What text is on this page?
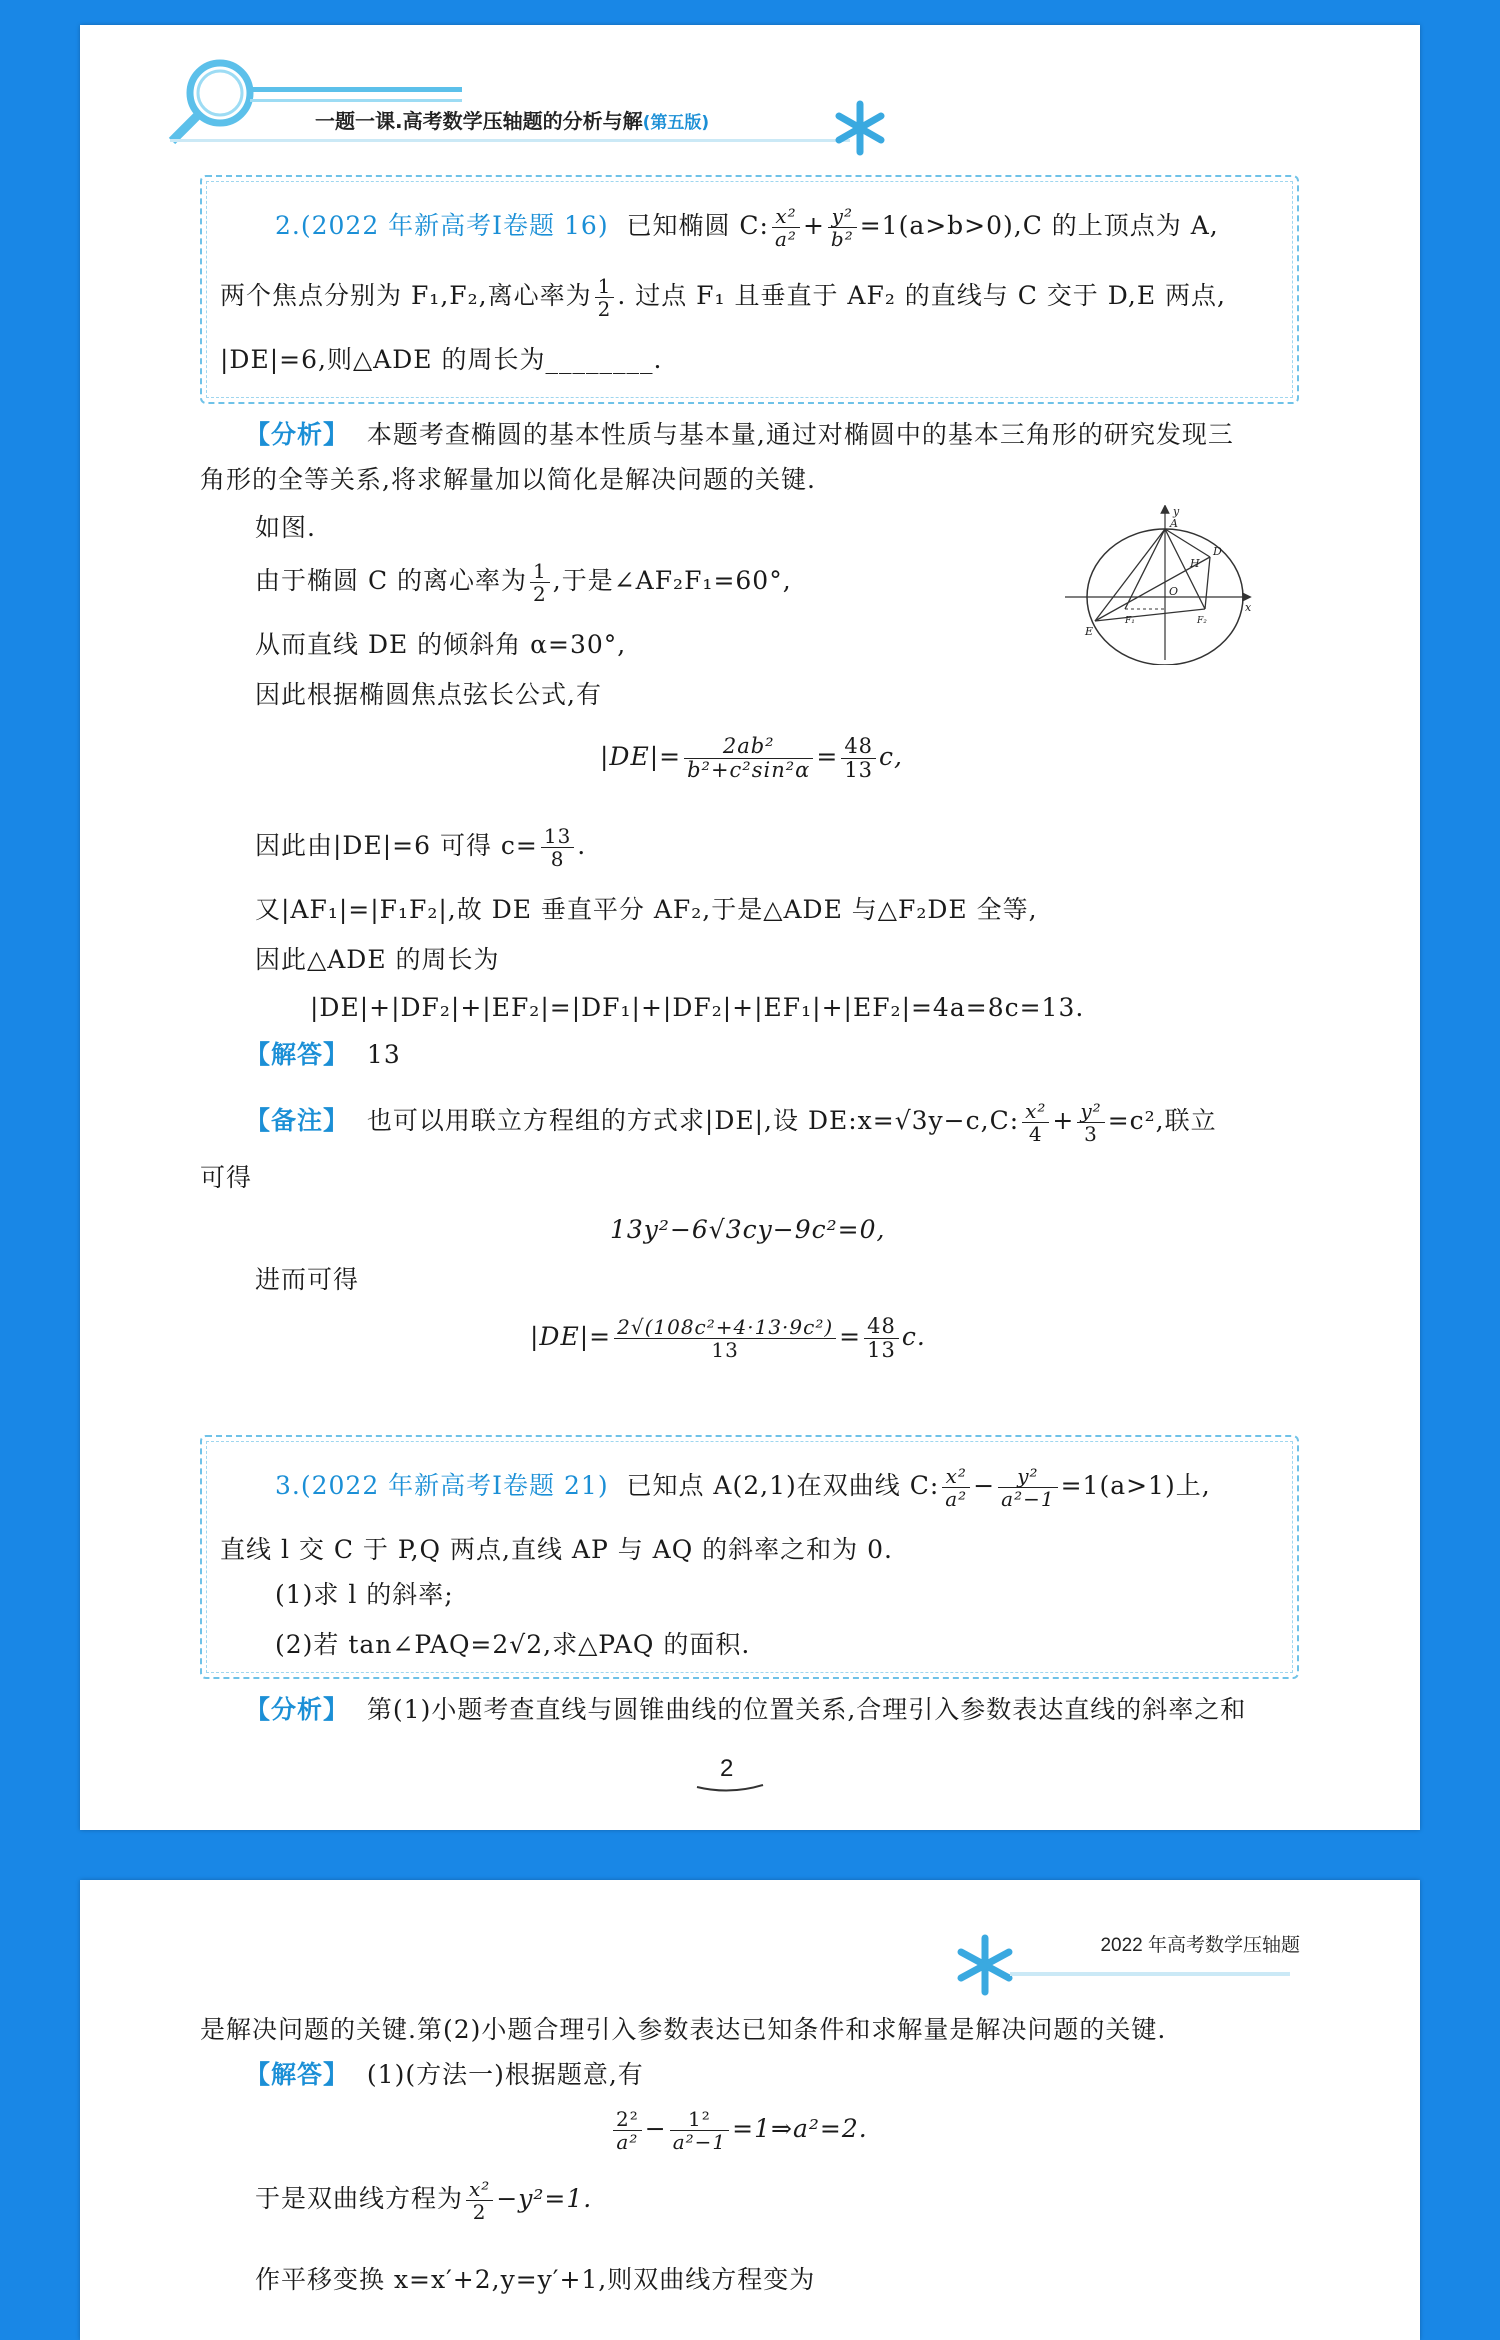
一题一课.高考数学压轴题的分析与解(第五版)
2.(2022 年新高考Ⅰ卷题 16) 已知椭圆 C: $\frac{\text{x²}}{\text{a²}} + \frac{\text{y²}}{\text{b²}} =1(a>b>0),C$ 的上顶点为 A,
两个焦点分别为 F₁,F₂,离心率为 $\frac{1}{2}$ . 过点 F₁ 且垂直于 AF₂ 的直线与 C 交于 D,E 两点,
|DE|=6,则△ADE 的周长为________.
【分析】 本题考查椭圆的基本性质与基本量,通过对椭圆中的基本三角形的研究发现三
角形的全等关系,将求解量加以简化是解决问题的关键.
如图.
由于椭圆 C 的离心率为 $\frac{1}{2}$ ,于是∠AF₂F₁=60°,
从而直线 DE 的倾斜角 α=30°,
因此根据椭圆焦点弦长公式,有
y
x
A
D
H
O
E
F₁	F₂
$|DE|= \frac{\text{2ab²}}{\text{b²+c²sin²α}} = \frac{48}{13} c$,
因此由|DE|=6 可得 $c= \frac{13}{8}$ .
又|AF₁|=|F₁F₂|,故 DE 垂直平分 AF₂,于是△ADE 与△F₂DE 全等,
因此△ADE 的周长为
|DE|+|DF₂|+|EF₂|=|DF₁|+|DF₂|+|EF₁|+|EF₂|=4a=8c=13.
【解答】 13
【备注】 也可以用联立方程组的方式求|DE|,设 DE:x=√3y−c,C: $\frac{\text{x²}}{4} + \frac{\text{y²}}{3} =c^2$,联立
可得
13y²−6√3cy−9c²=0,
进而可得
$|DE|= \frac{\text{2√(108c²+4·13·9c²)}}{13} = \frac{48}{13} c$.
3.(2022 年新高考Ⅰ卷题 21) 已知点 A(2,1)在双曲线 C: $\frac{\text{x²}}{\text{a²}} - \frac{\text{y²}}{\text{a²−1}} =1(a>1)$上,
直线 l 交 C 于 P,Q 两点,直线 AP 与 AQ 的斜率之和为 0.
(1)求 l 的斜率;
(2)若 tan∠PAQ=2√2,求△PAQ 的面积.
【分析】 第(1)小题考查直线与圆锥曲线的位置关系,合理引入参数表达直线的斜率之和
2
2022 年高考数学压轴题
是解决问题的关键.第(2)小题合理引入参数表达已知条件和求解量是解决问题的关键.
【解答】 (1)(方法一)根据题意,有
$\frac{\text{2²}}{\text{a²}} - \frac{\text{1²}}{\text{a²−1}}$ =1⇒a²=2.
于是双曲线方程为 $\frac{\text{x²}}{2} -y^2=1$.
作平移变换 x=x′+2,y=y′+1,则双曲线方程变为
